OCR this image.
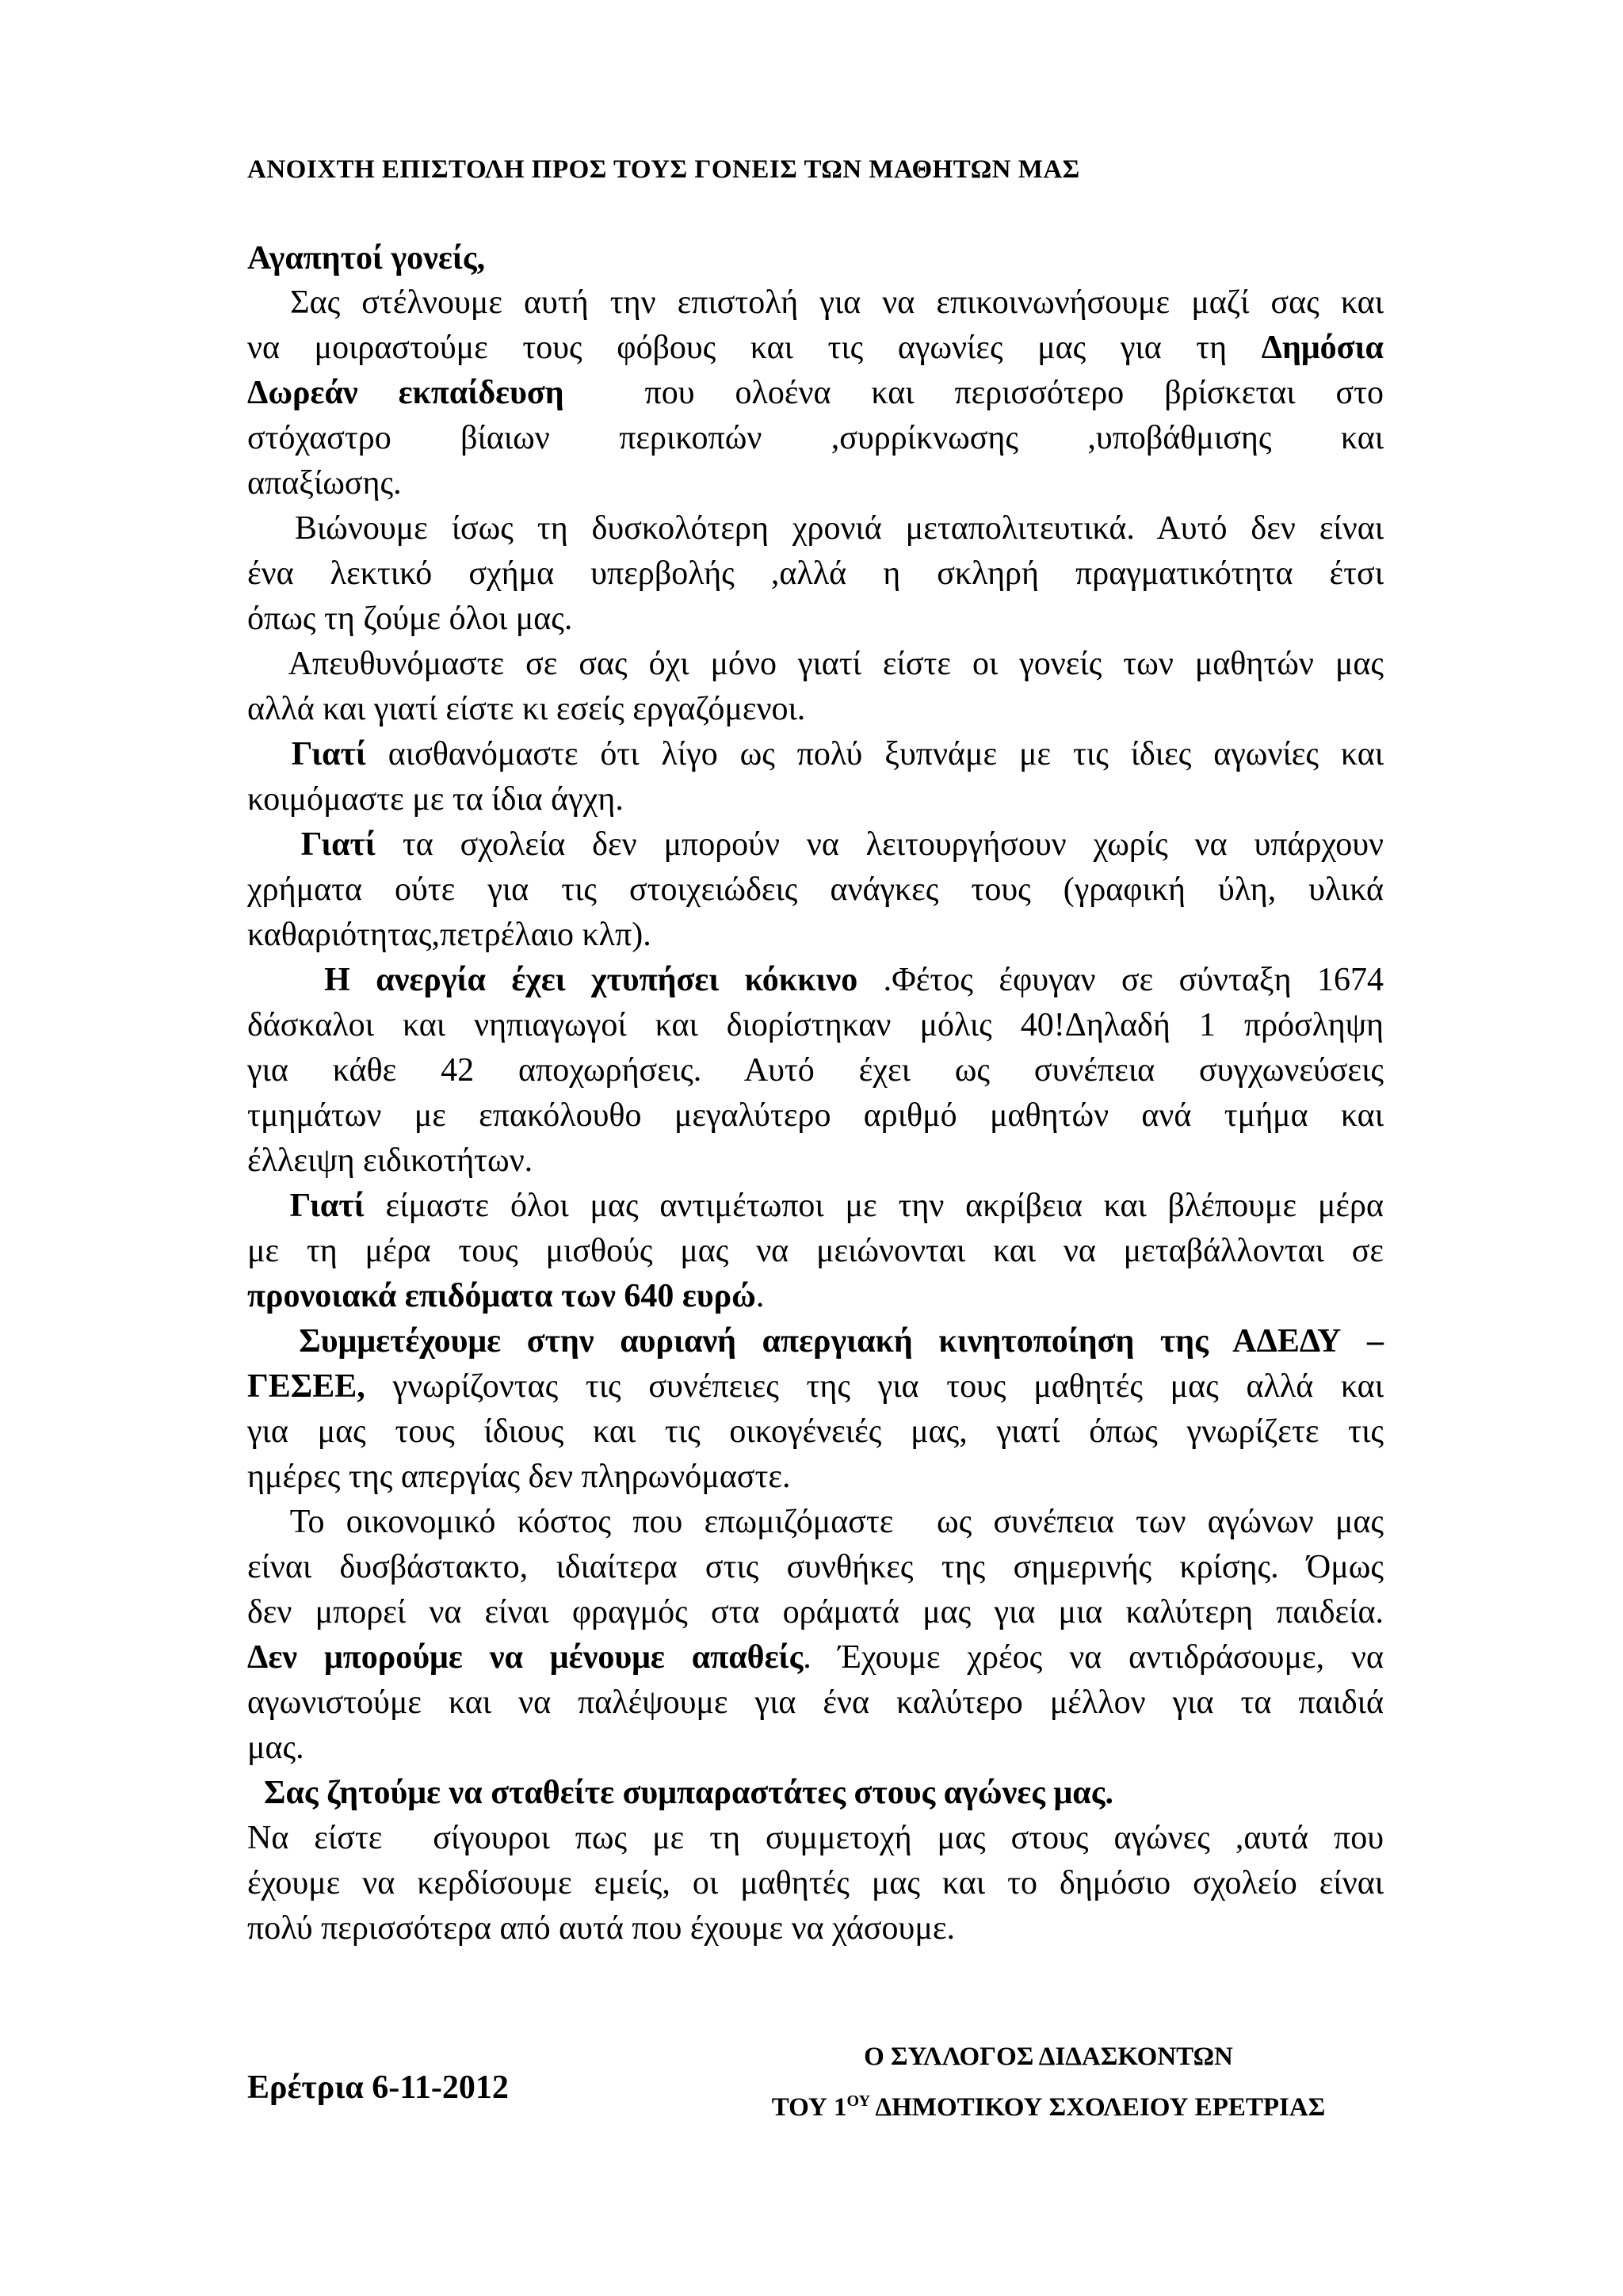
ΑΝΟΙΧΤΗ ΕΠΙΣΤΟΛΗ ΠΡΟΣ ΤΟΥΣ ΓΟΝΕΙΣ ΤΩΝ ΜΑΘΗΤΩΝ ΜΑΣ
Αγαπητοί γονείς,
Σας στέλνουμε αυτή την επιστολή για να επικοινωνήσουμε μαζί σας και
να μοιραστούμε τους φόβους και τις αγωνίες μας για τη Δημόσια
Δωρεάν εκπαίδευση  που ολοένα και περισσότερο βρίσκεται στο
στόχαστρο βίαιων περικοπών ,συρρίκνωσης ,υποβάθμισης και
απαξίωσης.
Βιώνουμε ίσως τη δυσκολότερη χρονιά μεταπολιτευτικά. Αυτό δεν είναι
ένα λεκτικό σχήμα υπερβολής ,αλλά η σκληρή πραγματικότητα έτσι
όπως τη ζούμε όλοι μας.
Απευθυνόμαστε σε σας όχι μόνο γιατί είστε οι γονείς των μαθητών μας
αλλά και γιατί είστε κι εσείς εργαζόμενοι.
Γιατί αισθανόμαστε ότι λίγο ως πολύ ξυπνάμε με τις ίδιες αγωνίες και
κοιμόμαστε με τα ίδια άγχη.
Γιατί τα σχολεία δεν μπορούν να λειτουργήσουν χωρίς να υπάρχουν
χρήματα ούτε για τις στοιχειώδεις ανάγκες τους (γραφική ύλη, υλικά
καθαριότητας,πετρέλαιο κλπ).
Η ανεργία έχει χτυπήσει κόκκινο .Φέτος έφυγαν σε σύνταξη 1674
δάσκαλοι και νηπιαγωγοί και διορίστηκαν μόλις 40!Δηλαδή 1 πρόσληψη
για κάθε 42 αποχωρήσεις. Αυτό έχει ως συνέπεια συγχωνεύσεις
τμημάτων με επακόλουθο μεγαλύτερο αριθμό μαθητών ανά τμήμα και
έλλειψη ειδικοτήτων.
Γιατί είμαστε όλοι μας αντιμέτωποι με την ακρίβεια και βλέπουμε μέρα
με τη μέρα τους μισθούς μας να μειώνονται και να μεταβάλλονται σε
προνοιακά επιδόματα των 640 ευρώ.
Συμμετέχουμε στην αυριανή απεργιακή κινητοποίηση της ΑΔΕΔΥ –
ΓΕΣΕΕ, γνωρίζοντας τις συνέπειες της για τους μαθητές μας αλλά και
για μας τους ίδιους και τις οικογένειές μας, γιατί όπως γνωρίζετε τις
ημέρες της απεργίας δεν πληρωνόμαστε.
Το οικονομικό κόστος που επωμιζόμαστε  ως συνέπεια των αγώνων μας
είναι δυσβάστακτο, ιδιαίτερα στις συνθήκες της σημερινής κρίσης. Όμως
δεν μπορεί να είναι φραγμός στα οράματά μας για μια καλύτερη παιδεία.
Δεν μπορούμε να μένουμε απαθείς. Έχουμε χρέος να αντιδράσουμε, να
αγωνιστούμε και να παλέψουμε για ένα καλύτερο μέλλον για τα παιδιά
μας.
Σας ζητούμε να σταθείτε συμπαραστάτες στους αγώνες μας.
Να είστε  σίγουροι πως με τη συμμετοχή μας στους αγώνες ,αυτά που
έχουμε να κερδίσουμε εμείς, οι μαθητές μας και το δημόσιο σχολείο είναι
πολύ περισσότερα από αυτά που έχουμε να χάσουμε.
Ο ΣΥΛΛΟΓΟΣ ΔΙΔΑΣΚΟΝΤΩΝ
ΤΟΥ $1^{O\Upsilon}$ ΔΗΜΟΤΙΚΟΥ ΣΧΟΛΕΙΟΥ ΕΡΕΤΡΙΑΣ
Ερέτρια 6-11-2012
